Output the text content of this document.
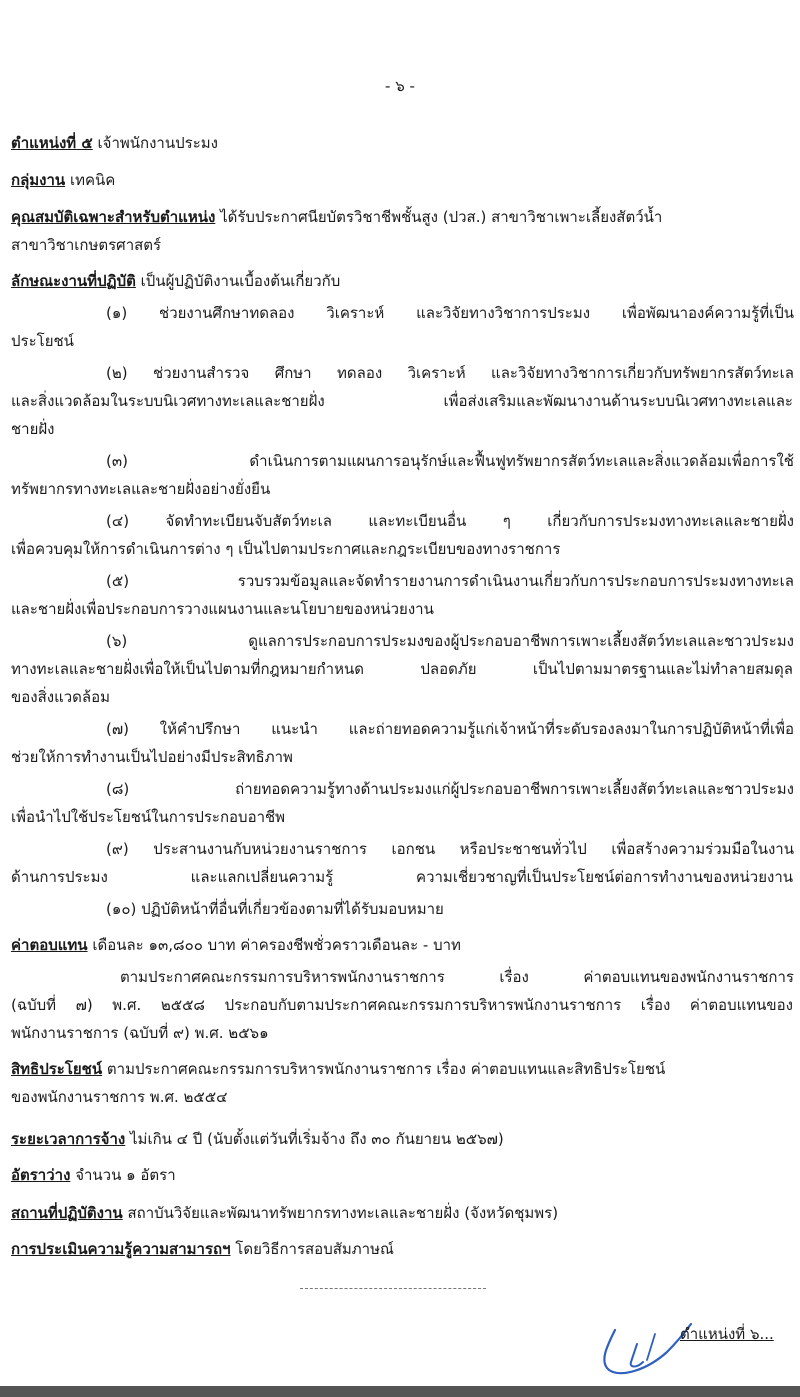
- ๖ -
ตำแหน่งที่ ๕ เจ้าพนักงานประมง
กลุ่มงาน เทคนิค
คุณสมบัติเฉพาะสำหรับตำแหน่ง ได้รับประกาศนียบัตรวิชาชีพชั้นสูง (ปวส.) สาขาวิชาเพาะเลี้ยงสัตว์น้ำ
สาขาวิชาเกษตรศาสตร์
ลักษณะงานที่ปฏิบัติ เป็นผู้ปฏิบัติงานเบื้องต้นเกี่ยวกับ
(๑) ช่วยงานศึกษาทดลอง วิเคราะห์ และวิจัยทางวิชาการประมง เพื่อพัฒนาองค์ความรู้ที่เป็น
ประโยชน์
(๒) ช่วยงานสำรวจ ศึกษา ทดลอง วิเคราะห์ และวิจัยทางวิชาการเกี่ยวกับทรัพยากรสัตว์ทะเล
และสิ่งแวดล้อมในระบบนิเวศทางทะเลและชายฝั่ง เพื่อส่งเสริมและพัฒนางานด้านระบบนิเวศทางทะเลและ
ชายฝั่ง
(๓) ดำเนินการตามแผนการอนุรักษ์และฟื้นฟูทรัพยากรสัตว์ทะเลและสิ่งแวดล้อมเพื่อการใช้
ทรัพยากรทางทะเลและชายฝั่งอย่างยั่งยืน
(๔) จัดทำทะเบียนจับสัตว์ทะเล และทะเบียนอื่น ๆ เกี่ยวกับการประมงทางทะเลและชายฝั่ง
เพื่อควบคุมให้การดำเนินการต่าง ๆ เป็นไปตามประกาศและกฎระเบียบของทางราชการ
(๕) รวบรวมข้อมูลและจัดทำรายงานการดำเนินงานเกี่ยวกับการประกอบการประมงทางทะเล
และชายฝั่งเพื่อประกอบการวางแผนงานและนโยบายของหน่วยงาน
(๖) ดูแลการประกอบการประมงของผู้ประกอบอาชีพการเพาะเลี้ยงสัตว์ทะเลและชาวประมง
ทางทะเลและชายฝั่งเพื่อให้เป็นไปตามที่กฎหมายกำหนด ปลอดภัย เป็นไปตามมาตรฐานและไม่ทำลายสมดุล
ของสิ่งแวดล้อม
(๗) ให้คำปรึกษา แนะนำ และถ่ายทอดความรู้แก่เจ้าหน้าที่ระดับรองลงมาในการปฏิบัติหน้าที่เพื่อ
ช่วยให้การทำงานเป็นไปอย่างมีประสิทธิภาพ
(๘) ถ่ายทอดความรู้ทางด้านประมงแก่ผู้ประกอบอาชีพการเพาะเลี้ยงสัตว์ทะเลและชาวประมง
เพื่อนำไปใช้ประโยชน์ในการประกอบอาชีพ
(๙) ประสานงานกับหน่วยงานราชการ เอกชน หรือประชาชนทั่วไป เพื่อสร้างความร่วมมือในงาน
ด้านการประมง และแลกเปลี่ยนความรู้ ความเชี่ยวชาญที่เป็นประโยชน์ต่อการทำงานของหน่วยงาน
(๑๐) ปฏิบัติหน้าที่อื่นที่เกี่ยวข้องตามที่ได้รับมอบหมาย
ค่าตอบแทน เดือนละ ๑๓,๘๐๐ บาท ค่าครองชีพชั่วคราวเดือนละ - บาท
ตามประกาศคณะกรรมการบริหารพนักงานราชการ เรื่อง ค่าตอบแทนของพนักงานราชการ
(ฉบับที่ ๗) พ.ศ. ๒๕๕๘ ประกอบกับตามประกาศคณะกรรมการบริหารพนักงานราชการ เรื่อง ค่าตอบแทนของ
พนักงานราชการ (ฉบับที่ ๙) พ.ศ. ๒๕๖๑
สิทธิประโยชน์ ตามประกาศคณะกรรมการบริหารพนักงานราชการ เรื่อง ค่าตอบแทนและสิทธิประโยชน์
ของพนักงานราชการ พ.ศ. ๒๕๕๔
ระยะเวลาการจ้าง ไม่เกิน ๔ ปี (นับตั้งแต่วันที่เริ่มจ้าง ถึง ๓๐ กันยายน ๒๕๖๗)
อัตราว่าง จำนวน ๑ อัตรา
สถานที่ปฏิบัติงาน สถาบันวิจัยและพัฒนาทรัพยากรทางทะเลและชายฝั่ง (จังหวัดชุมพร)
การประเมินความรู้ความสามารถฯ โดยวิธีการสอบสัมภาษณ์
ตำแหน่งที่ ๖...
